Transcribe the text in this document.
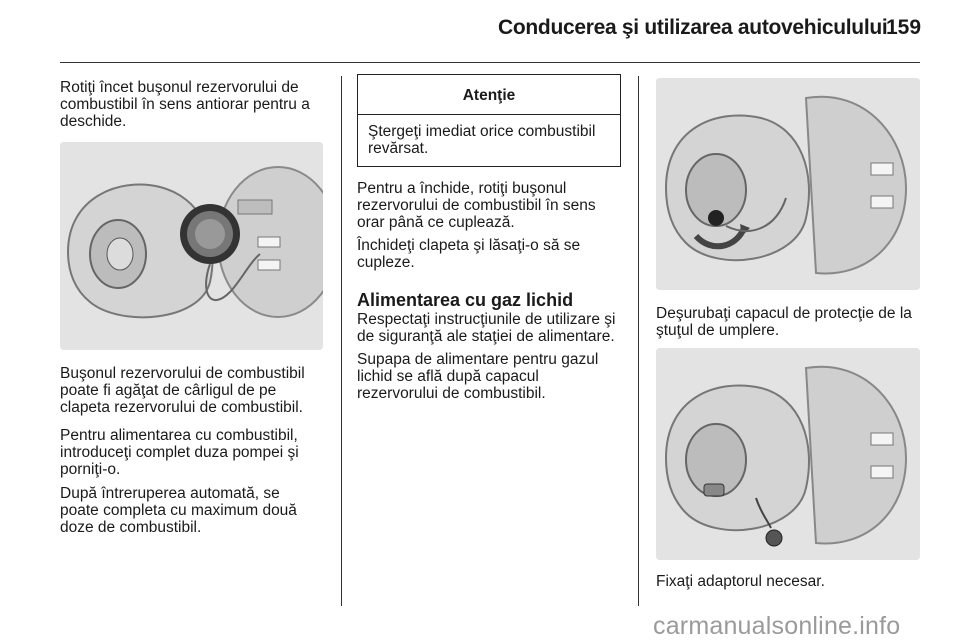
Conducerea şi utilizarea autovehiculului
159

Rotiţi încet buşonul rezervorului de
combustibil în sens antiorar pentru a
deschide.

Buşonul rezervorului de combustibil
poate fi agăţat de cârligul de pe
clapeta rezervorului de combustibil.

Pentru alimentarea cu combustibil,
introduceţi complet duza pompei şi
porniţi-o.

După întreruperea automată, se
poate completa cu maximum două
doze de combustibil.

Atenţie

Ştergeţi imediat orice combustibil
revărsat.

Pentru a închide, rotiţi buşonul
rezervorului de combustibil în sens
orar până ce cuplează.

Închideţi clapeta şi lăsaţi-o să se
cupleze.

Alimentarea cu gaz lichid

Respectaţi instrucţiunile de utilizare şi
de siguranţă ale staţiei de alimentare.

Supapa de alimentare pentru gazul
lichid se află după capacul
rezervorului de combustibil.

Deşurubaţi capacul de protecţie de la
ştuţul de umplere.

Fixaţi adaptorul necesar.

carmanualsonline.info
